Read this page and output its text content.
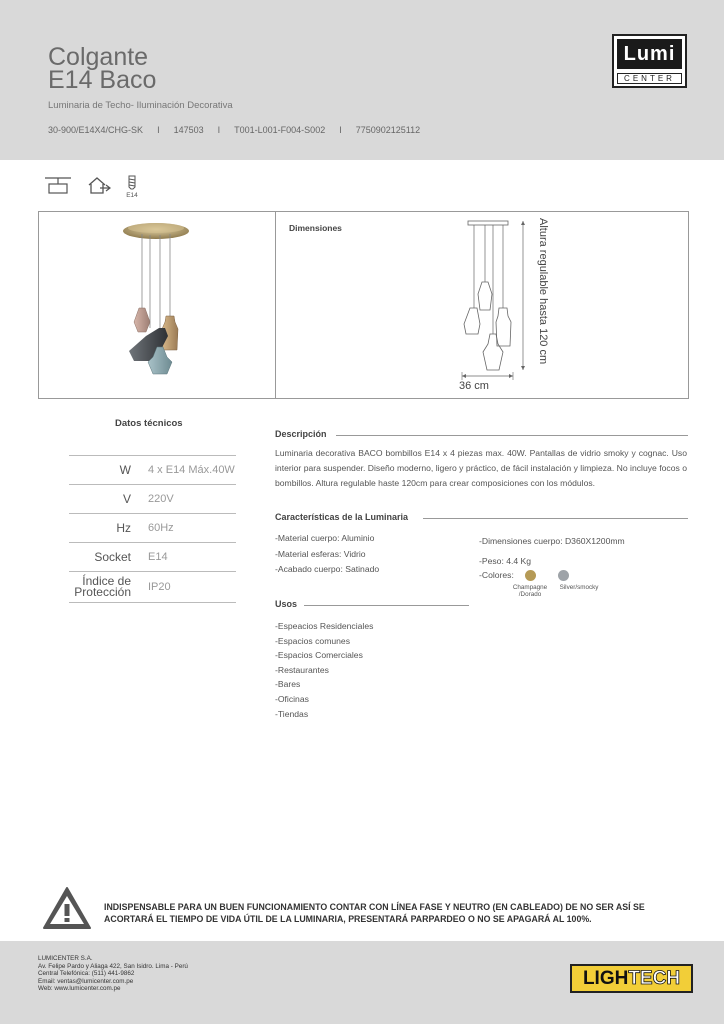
Colgante
E14 Baco
Luminaria de Techo- Iluminación Decorativa
30-900/E14X4/CHG-SK I 147503 I T001-L001-F004-S002 I 7750902125112
Lumi
CENTER
E14
Dimensiones
36 cm
Altura regulable hasta 120 cm
Datos técnicos
W 4 x E14 Máx.40W
V 220V
Hz 60Hz
Socket E14
Índice de
Protección IP20
Descripción
Luminaria decorativa BACO bombillos E14 x 4 piezas max. 40W. Pantallas de vidrio smoky y cognac. Uso interior para suspender. Diseño moderno, ligero y práctico, de fácil instalación y limpieza. No incluye focos o bombillos. Altura regulable haste 120cm para crear composiciones con los módulos.
Características de la Luminaria
-Material cuerpo: Aluminio
-Material esferas: Vidrio
-Acabado cuerpo: Satinado
-Dimensiones cuerpo: D360X1200mm
-Peso: 4.4 Kg
-Colores:
Champagne
/Dorado
Silver/smocky
Usos
-Espeacios Residenciales
-Espacios comunes
-Espacios Comerciales
-Restaurantes
-Bares
-Oficinas
-Tiendas
INDISPENSABLE PARA UN BUEN FUNCIONAMIENTO CONTAR CON LÍNEA FASE Y NEUTRO (EN CABLEADO) DE NO SER ASÍ SE
ACORTARÁ EL TIEMPO DE VIDA ÚTIL DE LA LUMINARIA, PRESENTARÁ PARPARDEO O NO SE APAGARÁ AL 100%.
LUMICENTER S.A.
Av. Felipe Pardo y Aliaga 422, San Isidro. Lima - Perú
Central Telefónica: (511) 441-9862
Email: ventas@lumicenter.com.pe
Web: www.lumicenter.com.pe	LIGHTECH
